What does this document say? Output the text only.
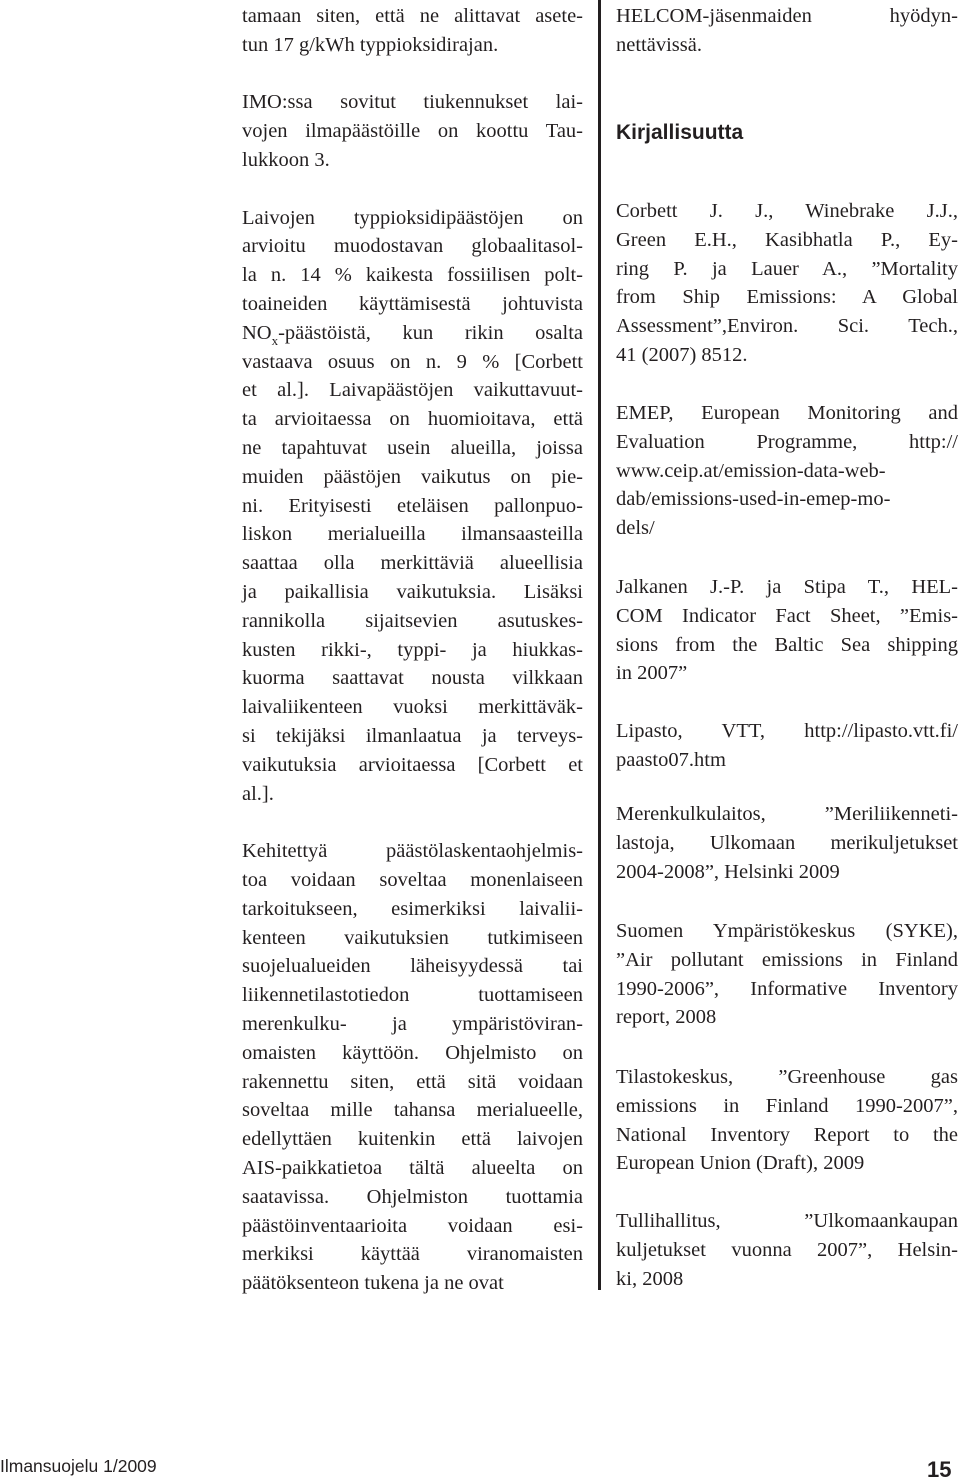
tamaan siten, että ne alittavat asete-
tun 17 g/kWh typpioksidirajan.
IMO:ssa sovitut tiukennukset lai-
vojen ilmapäästöille on koottu Tau-
lukkoon 3.
Laivojen typpioksidipäästöjen on
arvioitu muodostavan globaalitasol-
la n. 14 % kaikesta fossiilisen polt-
toaineiden käyttämisestä johtuvista
$NO_x$-päästöistä, kun rikin osalta
vastaava osuus on n. 9 % [Corbett
et al.]. Laivapäästöjen vaikuttavuut-
ta arvioitaessa on huomioitava, että
ne tapahtuvat usein alueilla, joissa
muiden päästöjen vaikutus on pie-
ni. Erityisesti eteläisen pallonpuo-
liskon merialueilla ilmansaasteilla
saattaa olla merkittäviä alueellisia
ja paikallisia vaikutuksia. Lisäksi
rannikolla sijaitsevien asutuskes-
kusten rikki-, typpi- ja hiukkas-
kuorma saattavat nousta vilkkaan
laivaliikenteen vuoksi merkittäväk-
si tekijäksi ilmanlaatua ja terveys-
vaikutuksia arvioitaessa [Corbett et
al.].
Kehitettyä päästölaskentaohjelmis-
toa voidaan soveltaa monenlaiseen
tarkoitukseen, esimerkiksi laivalii-
kenteen vaikutuksien tutkimiseen
suojelualueiden läheisyydessä tai
liikennetilastotiedon tuottamiseen
merenkulku- ja ympäristöviran-
omaisten käyttöön. Ohjelmisto on
rakennettu siten, että sitä voidaan
soveltaa mille tahansa merialueelle,
edellyttäen kuitenkin että laivojen
AIS-paikkatietoa tältä alueelta on
saatavissa. Ohjelmiston tuottamia
päästöinventaarioita voidaan esi-
merkiksi käyttää viranomaisten
päätöksenteon tukena ja ne ovat
Kirjallisuutta
HELCOM-jäsenmaiden hyödyn-
nettävissä.
Corbett J. J., Winebrake J.J.,
Green E.H., Kasibhatla P., Ey-
ring P. ja Lauer A., ”Mortality
from Ship Emissions: A Global
Assessment”,Environ. Sci. Tech.,
41 (2007) 8512.
EMEP, European Monitoring and
Evaluation Programme, http://
www.ceip.at/emission-data-web-
dab/emissions-used-in-emep-mo-
dels/
Jalkanen J.-P. ja Stipa T., HEL-
COM Indicator Fact Sheet, ”Emis-
sions from the Baltic Sea shipping
in 2007”
Lipasto, VTT, http://lipasto.vtt.fi/
paasto07.htm
Merenkulkulaitos, ”Meriliikenneti-
lastoja, Ulkomaan merikuljetukset
2004-2008”, Helsinki 2009
Suomen Ympäristökeskus (SYKE),
”Air pollutant emissions in Finland
1990-2006”, Informative Inventory
report, 2008
Tilastokeskus, ”Greenhouse gas
emissions in Finland 1990-2007”,
National Inventory Report to the
European Union (Draft), 2009
Tullihallitus, ”Ulkomaankaupan
kuljetukset vuonna 2007”, Helsin-
ki, 2008
Ilmansuojelu 1/2009	15
